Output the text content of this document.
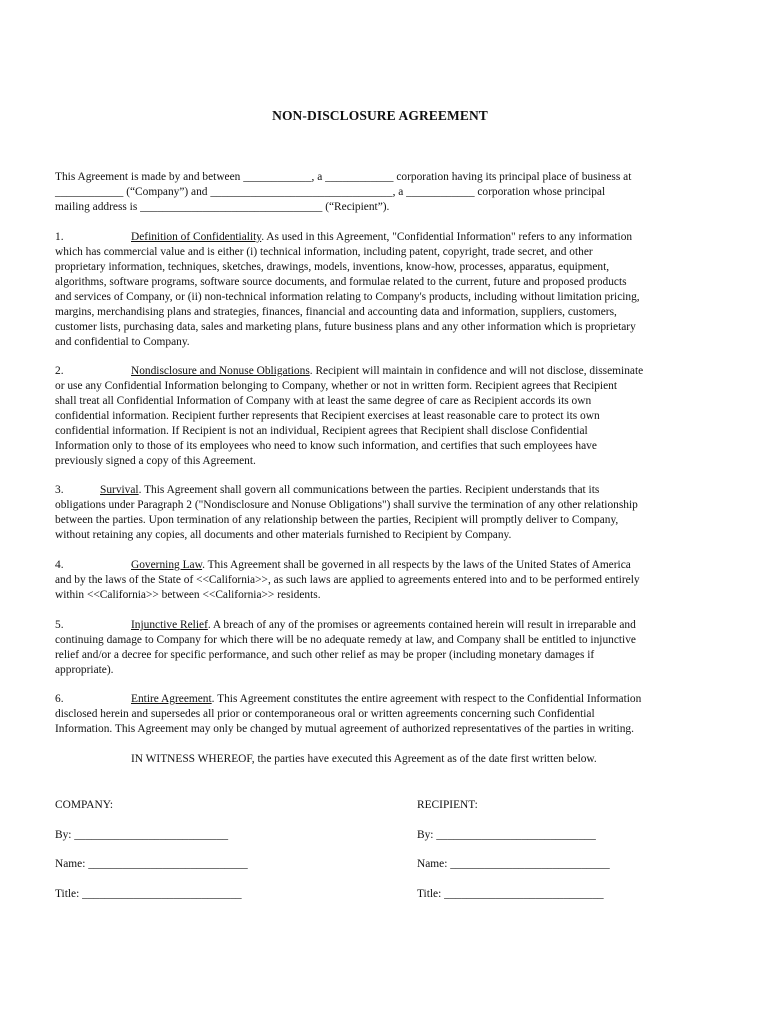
NON-DISCLOSURE AGREEMENT
This Agreement is made by and between ____________, a ____________ corporation having its principal place of business at
____________ (“Company”) and ________________________________, a ____________ corporation whose principal
mailing address is ________________________________ (“Recipient”).
1.	Definition of Confidentiality. As used in this Agreement, "Confidential Information" refers to any information
which has commercial value and is either (i) technical information, including patent, copyright, trade secret, and other
proprietary information, techniques, sketches, drawings, models, inventions, know-how, processes, apparatus, equipment,
algorithms, software programs, software source documents, and formulae related to the current, future and proposed products
and services of Company, or (ii) non-technical information relating to Company's products, including without limitation pricing,
margins, merchandising plans and strategies, finances, financial and accounting data and information, suppliers, customers,
customer lists, purchasing data, sales and marketing plans, future business plans and any other information which is proprietary
and confidential to Company.
2.	Nondisclosure and Nonuse Obligations. Recipient will maintain in confidence and will not disclose, disseminate
or use any Confidential Information belonging to Company, whether or not in written form. Recipient agrees that Recipient
shall treat all Confidential Information of Company with at least the same degree of care as Recipient accords its own
confidential information. Recipient further represents that Recipient exercises at least reasonable care to protect its own
confidential information. If Recipient is not an individual, Recipient agrees that Recipient shall disclose Confidential
Information only to those of its employees who need to know such information, and certifies that such employees have
previously signed a copy of this Agreement.
3.	Survival. This Agreement shall govern all communications between the parties. Recipient understands that its
obligations under Paragraph 2 ("Nondisclosure and Nonuse Obligations") shall survive the termination of any other relationship
between the parties. Upon termination of any relationship between the parties, Recipient will promptly deliver to Company,
without retaining any copies, all documents and other materials furnished to Recipient by Company.
4.	Governing Law. This Agreement shall be governed in all respects by the laws of the United States of America
and by the laws of the State of <<California>>, as such laws are applied to agreements entered into and to be performed entirely
within <<California>> between <<California>> residents.
5.	Injunctive Relief. A breach of any of the promises or agreements contained herein will result in irreparable and
continuing damage to Company for which there will be no adequate remedy at law, and Company shall be entitled to injunctive
relief and/or a decree for specific performance, and such other relief as may be proper (including monetary damages if
appropriate).
6.	Entire Agreement. This Agreement constitutes the entire agreement with respect to the Confidential Information
disclosed herein and supersedes all prior or contemporaneous oral or written agreements concerning such Confidential
Information. This Agreement may only be changed by mutual agreement of authorized representatives of the parties in writing.
IN WITNESS WHEREOF, the parties have executed this Agreement as of the date first written below.
COMPANY:	RECIPIENT:
By: ___________________________	By: ____________________________
Name: ____________________________	Name: ____________________________
Title: ____________________________	Title: ____________________________
